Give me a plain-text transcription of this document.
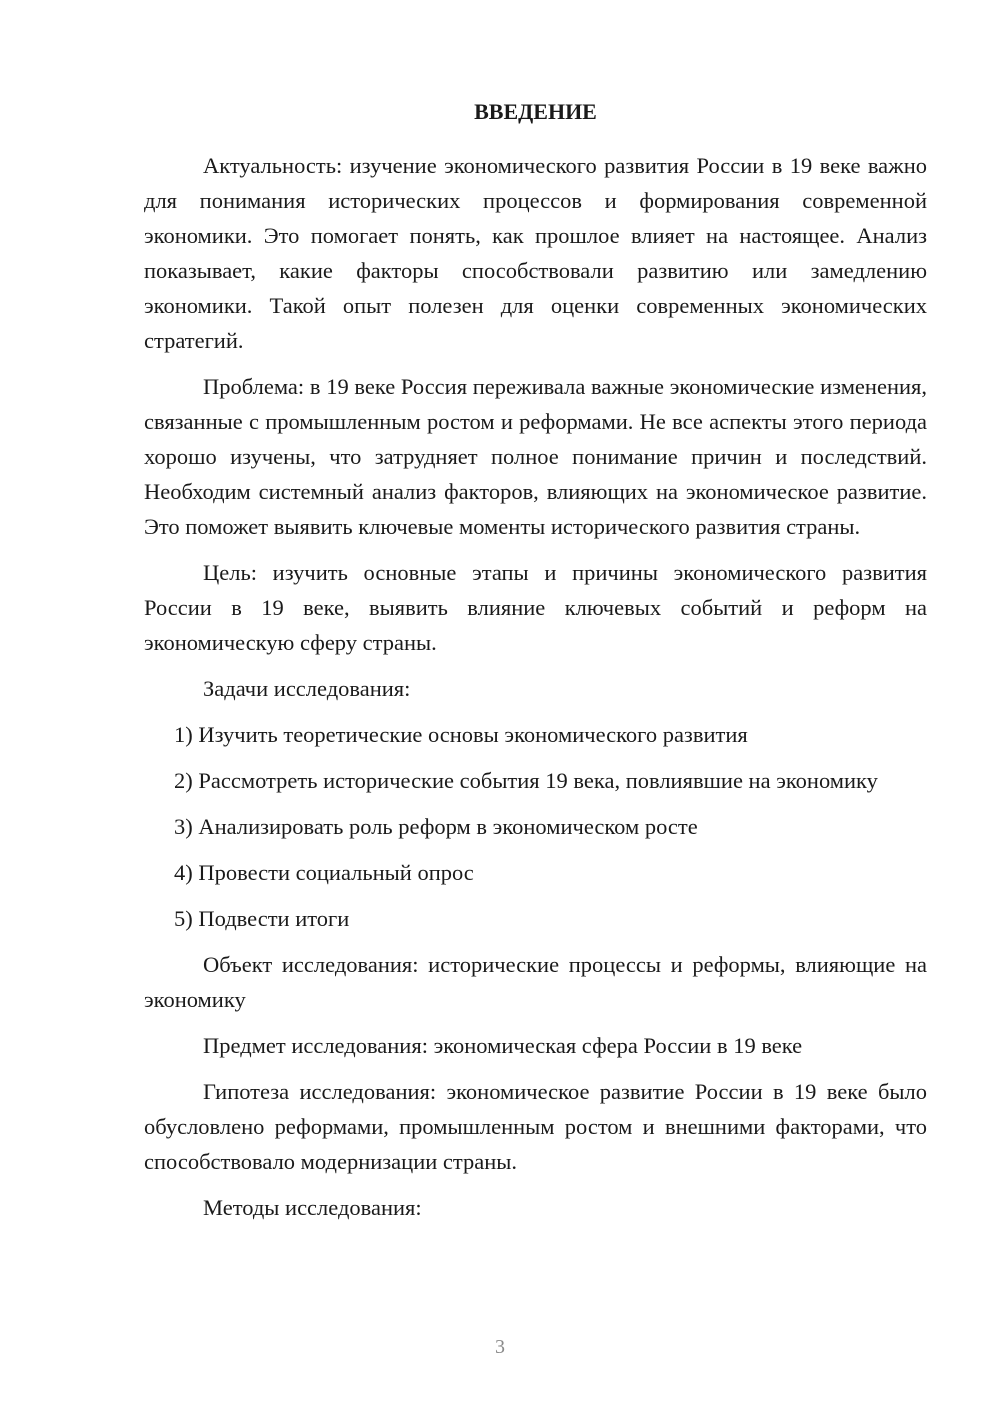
ВВЕДЕНИЕ

Актуальность: изучение экономического развития России в 19 веке важно для понимания исторических процессов и формирования современной экономики. Это помогает понять, как прошлое влияет на настоящее. Анализ показывает, какие факторы способствовали развитию или замедлению экономики. Такой опыт полезен для оценки современных экономических стратегий.

Проблема: в 19 веке Россия переживала важные экономические изменения, связанные с промышленным ростом и реформами. Не все аспекты этого периода хорошо изучены, что затрудняет полное понимание причин и последствий. Необходим системный анализ факторов, влияющих на экономическое развитие. Это поможет выявить ключевые моменты исторического развития страны.

Цель: изучить основные этапы и причины экономического развития России в 19 веке, выявить влияние ключевых событий и реформ на экономическую сферу страны.

Задачи исследования:

1) Изучить теоретические основы экономического развития

2) Рассмотреть исторические события 19 века, повлиявшие на экономику

3) Анализировать роль реформ в экономическом росте

4) Провести социальный опрос

5) Подвести итоги

Объект исследования: исторические процессы и реформы, влияющие на экономику

Предмет исследования: экономическая сфера России в 19 веке

Гипотеза исследования: экономическое развитие России в 19 веке было обусловлено реформами, промышленным ростом и внешними факторами, что способствовало модернизации страны.

Методы исследования:

3
